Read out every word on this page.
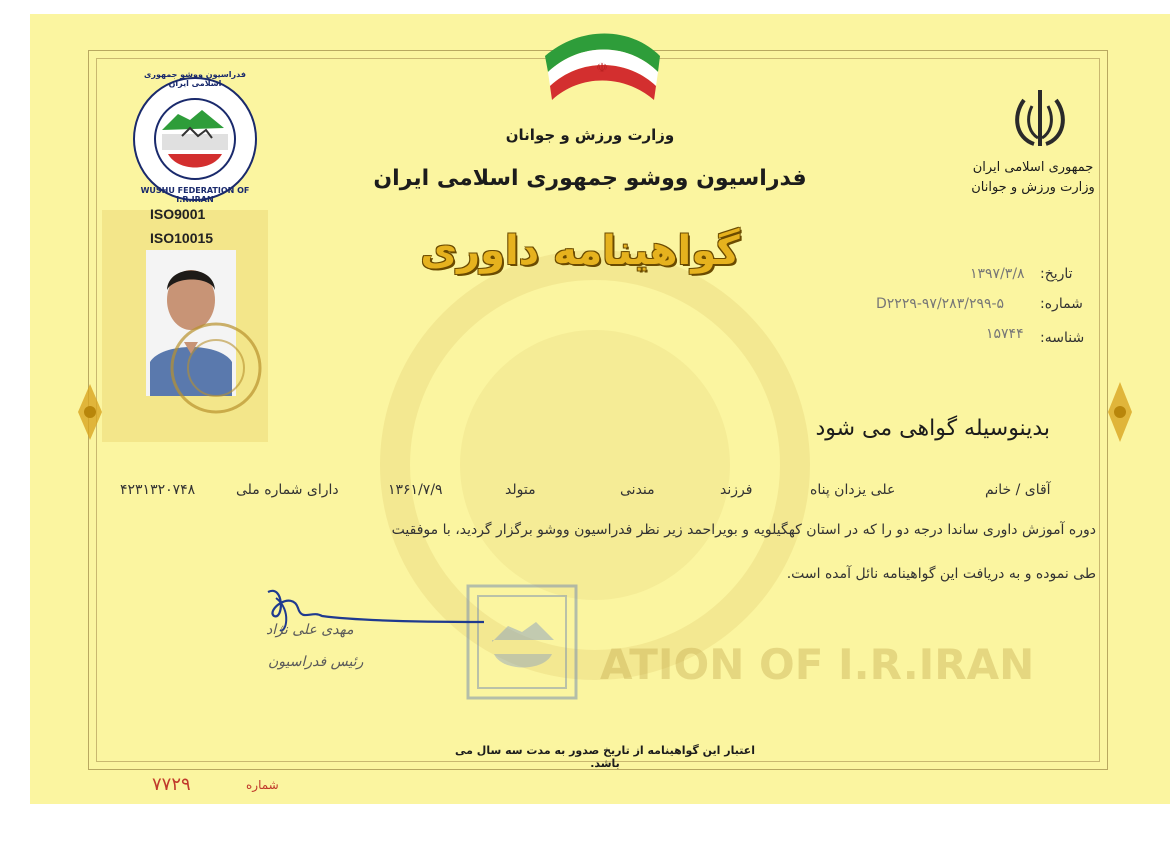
ATION OF I.R.IRAN
☫
WUSHU FEDERATION OF I.R.IRAN
فدراسیون ووشو جمهوری اسلامی ایران
جمهوری اسلامی ایران
وزارت ورزش و جوانان
وزارت ورزش و جوانان
فدراسیون ووشو جمهوری اسلامی ایران
گواهینامه داوری
ISO9001
ISO10015
تاریخ:
۱۳۹۷/۳/۸
شماره:
D۲۲۲۹-۹۷/۲۸۳/۲۹۹-۵
شناسه:
۱۵۷۴۴
بدینوسیله گواهی می شود
آقای / خانم
علی یزدان پناه
فرزند
مندنی
متولد
۱۳۶۱/۷/۹
دارای شماره ملی
۴۲۳۱۳۲۰۷۴۸
دوره آموزش داوری ساندا درجه دو را که در استان کهگیلویه و بویراحمد زیر نظر فدراسیون ووشو برگزار گردید، با موفقیت
طی نموده و به دریافت این گواهینامه نائل آمده است.
مهدی علی نژاد
رئیس فدراسیون
اعتبار این گواهینامه از تاریخ صدور به مدت سه سال می باشد.
شماره
۷۷۲۹
